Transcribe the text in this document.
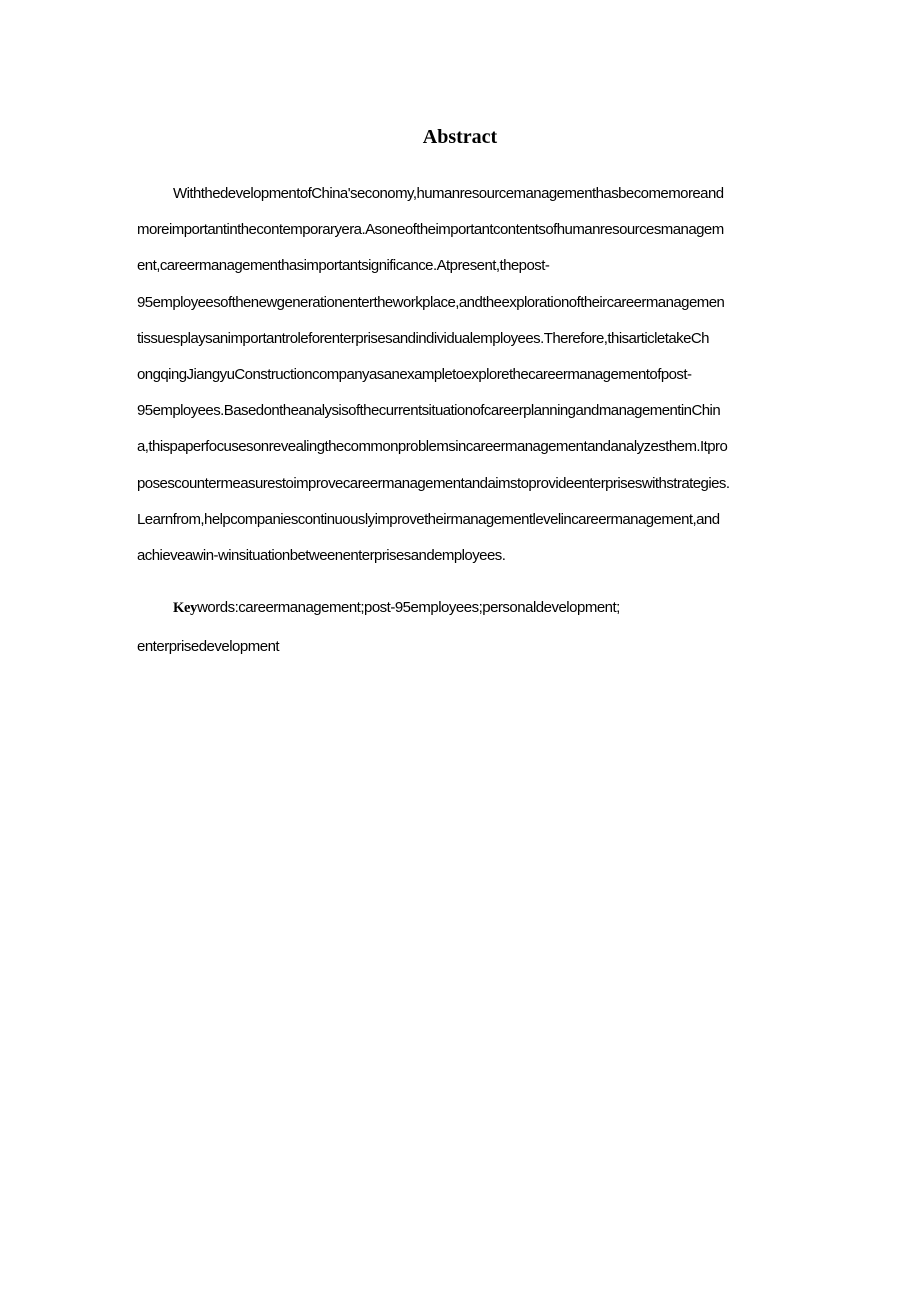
Abstract
WiththedevelopmentofChina'seconomy,humanresourcemanagementhasbecomemoreand
moreimportantinthecontemporaryera.Asoneoftheimportantcontentsofhumanresourcesmanagem
ent,careermanagementhasimportantsignificance.Atpresent,thepost-
95employeesofthenewgenerationentertheworkplace,andtheexplorationoftheircareermanagemen
tissuesplaysanimportantroleforenterprisesandindividualemployees.Therefore,thisarticletakeCh
ongqingJiangyuConstructioncompanyasanexampletoexplorethecareermanagementofpost-
95employees.BasedontheanalysisofthecurrentsituationofcareerplanningandmanagementinChin
a,thispaperfocusesonrevealingthecommonproblemsincareermanagementandanalyzesthem.Itpro
posescountermeasurestoimprovecareermanagementandaimstoprovideenterpriseswithstrategies.
Learnfrom,helpcompaniescontinuouslyimprovetheirmanagementlevelincareermanagement,and
achieveawin-winsituationbetweenenterprisesandemployees.
Keywords:careermanagement;post-95employees;personaldevelopment;
enterprisedevelopment
